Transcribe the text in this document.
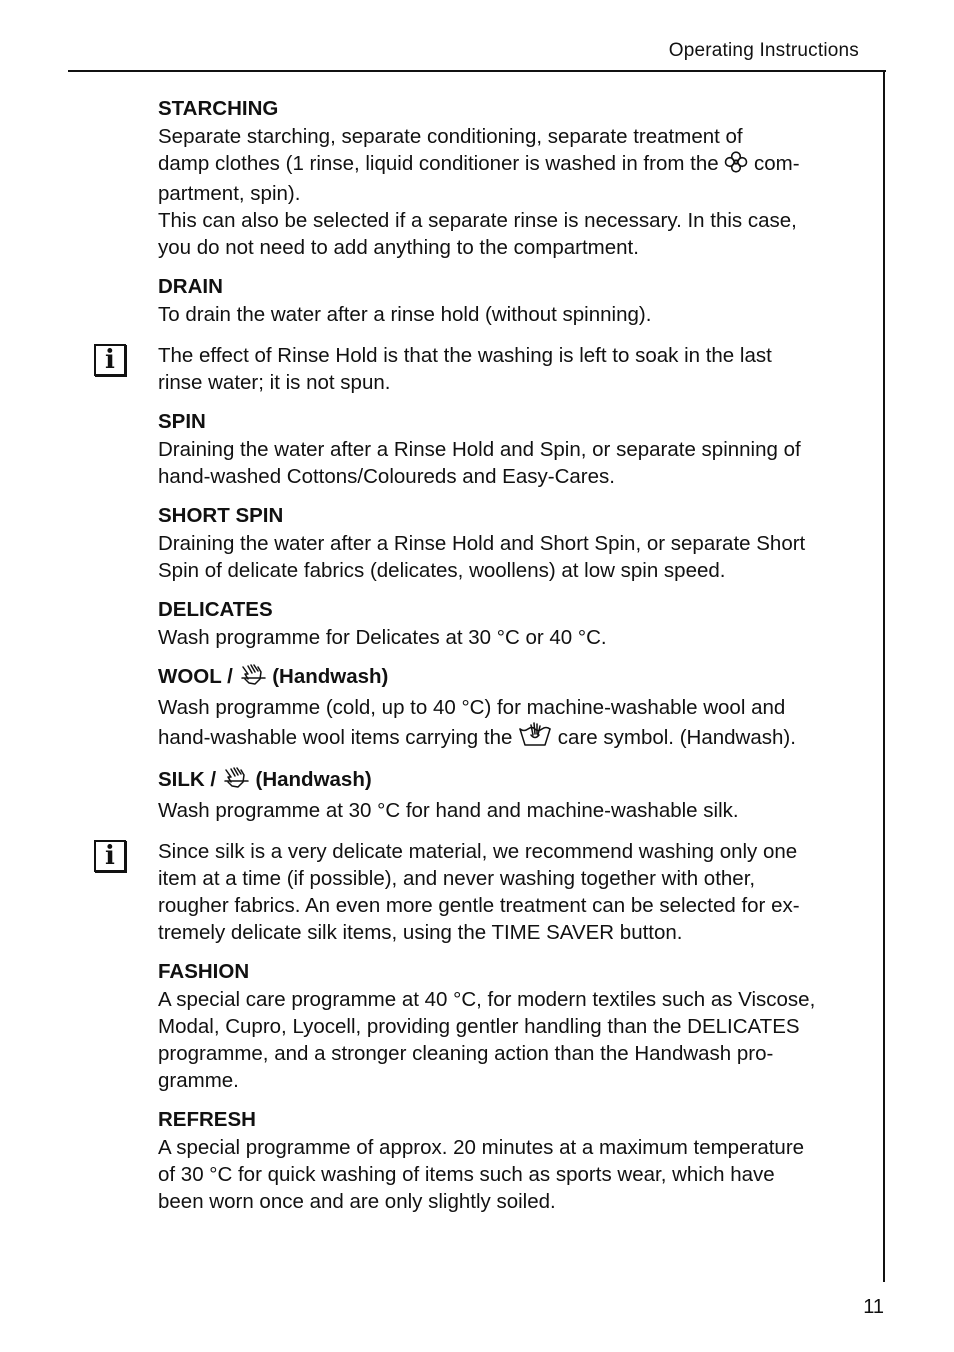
Operating Instructions
STARCHING
Separate starching, separate conditioning, separate treatment of
damp clothes (1 rinse, liquid conditioner is washed in from the com-
partment, spin).
This can also be selected if a separate rinse is necessary. In this case,
you do not need to add anything to the compartment.
DRAIN
To drain the water after a rinse hold (without spinning).
i	The effect of Rinse Hold is that the washing is left to soak in the last
rinse water; it is not spun.
SPIN
Draining the water after a Rinse Hold and Spin, or separate spinning of
hand-washed Cottons/Coloureds and Easy-Cares.
SHORT SPIN
Draining the water after a Rinse Hold and Short Spin, or separate Short
Spin of delicate fabrics (delicates, woollens) at low spin speed.
DELICATES
Wash programme for Delicates at 30 °C or 40 °C.
WOOL / (Handwash)
Wash programme (cold, up to 40 °C) for machine-washable wool and
hand-washable wool items carrying the care symbol. (Handwash).
SILK / (Handwash)
Wash programme at 30 °C for hand and machine-washable silk.
i	Since silk is a very delicate material, we recommend washing only one
item at a time (if possible), and never washing together with other,
rougher fabrics. An even more gentle treatment can be selected for ex-
tremely delicate silk items, using the TIME SAVER button.
FASHION
A special care programme at 40 °C, for modern textiles such as Viscose,
Modal, Cupro, Lyocell, providing gentler handling than the DELICATES
programme, and a stronger cleaning action than the Handwash pro-
gramme.
REFRESH
A special programme of approx. 20 minutes at a maximum temperature
of 30 °C for quick washing of items such as sports wear, which have
been worn once and are only slightly soiled.
11
